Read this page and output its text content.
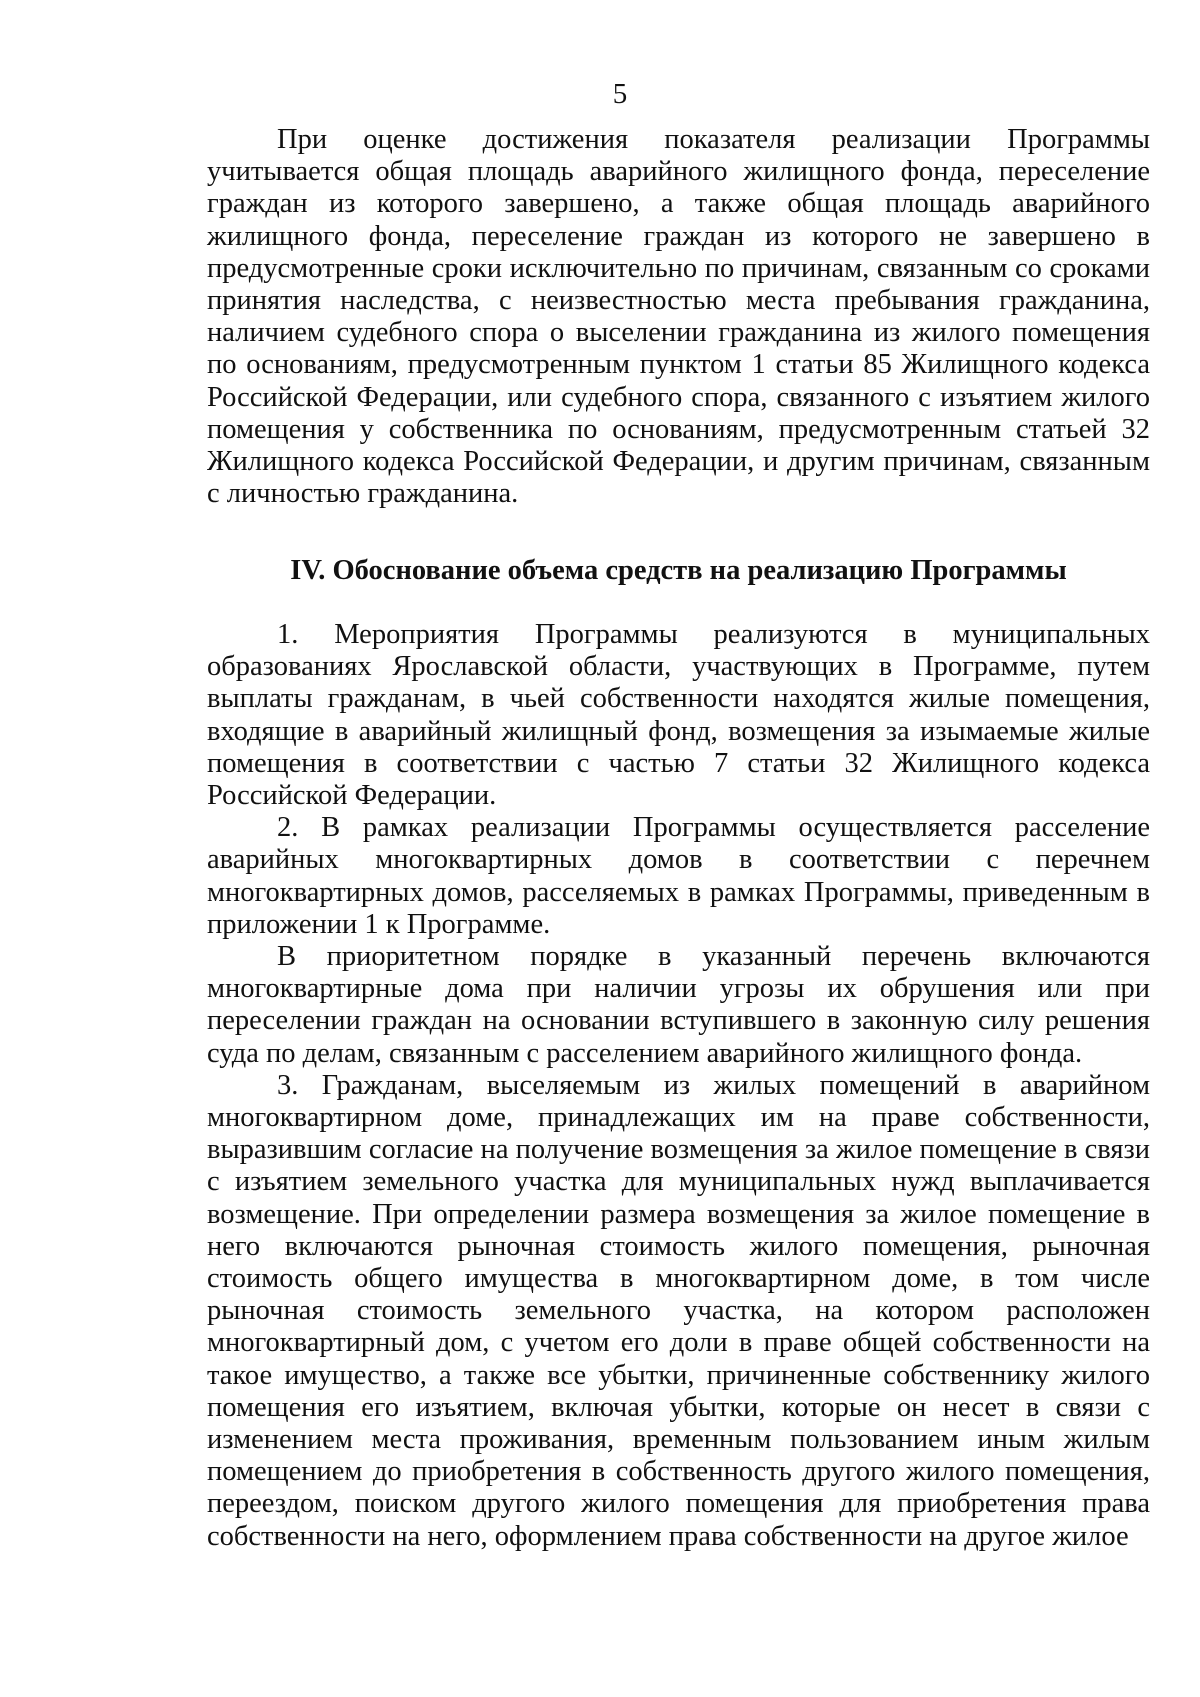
5

При оценке достижения показателя реализации Программы учитывается общая площадь аварийного жилищного фонда, переселение граждан из которого завершено, а также общая площадь аварийного жилищного фонда, переселение граждан из которого не завершено в предусмотренные сроки исключительно по причинам, связанным со сроками принятия наследства, с неизвестностью места пребывания гражданина, наличием судебного спора о выселении гражданина из жилого помещения по основаниям, предусмотренным пунктом 1 статьи 85 Жилищного кодекса Российской Федерации, или судебного спора, связанного с изъятием жилого помещения у собственника по основаниям, предусмотренным статьей 32 Жилищного кодекса Российской Федерации, и другим причинам, связанным с личностью гражданина.

IV. Обоснование объема средств на реализацию Программы

1. Мероприятия Программы реализуются в муниципальных образованиях Ярославской области, участвующих в Программе, путем выплаты гражданам, в чьей собственности находятся жилые помещения, входящие в аварийный жилищный фонд, возмещения за изымаемые жилые помещения в соответствии с частью 7 статьи 32 Жилищного кодекса Российской Федерации.

2. В рамках реализации Программы осуществляется расселение аварийных многоквартирных домов в соответствии с перечнем многоквартирных домов, расселяемых в рамках Программы, приведенным в приложении 1 к Программе.

В приоритетном порядке в указанный перечень включаются многоквартирные дома при наличии угрозы их обрушения или при переселении граждан на основании вступившего в законную силу решения суда по делам, связанным с расселением аварийного жилищного фонда.

3. Гражданам, выселяемым из жилых помещений в аварийном многоквартирном доме, принадлежащих им на праве собственности, выразившим согласие на получение возмещения за жилое помещение в связи с изъятием земельного участка для муниципальных нужд выплачивается возмещение. При определении размера возмещения за жилое помещение в него включаются рыночная стоимость жилого помещения, рыночная стоимость общего имущества в многоквартирном доме, в том числе рыночная стоимость земельного участка, на котором расположен многоквартирный дом, с учетом его доли в праве общей собственности на такое имущество, а также все убытки, причиненные собственнику жилого помещения его изъятием, включая убытки, которые он несет в связи с изменением места проживания, временным пользованием иным жилым помещением до приобретения в собственность другого жилого помещения, переездом, поиском другого жилого помещения для приобретения права собственности на него, оформлением права собственности на другое жилое
